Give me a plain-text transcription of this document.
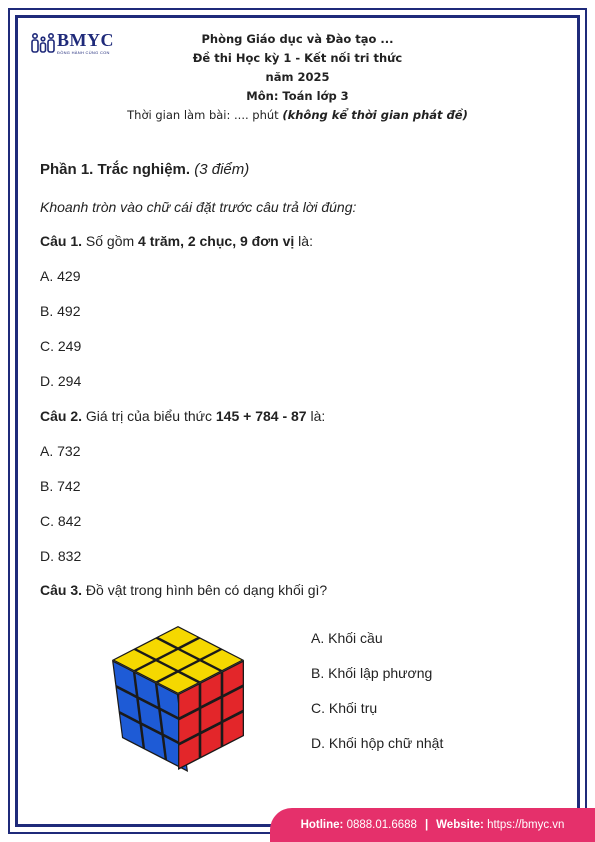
BMYC
ĐỒNG HÀNH CÙNG CON
Phòng Giáo dục và Đào tạo ...
Đề thi Học kỳ 1 - Kết nối tri thức
năm 2025
Môn: Toán lớp 3
Thời gian làm bài: .... phút (không kể thời gian phát đề)
Phần 1. Trắc nghiệm. (3 điểm)
Khoanh tròn vào chữ cái đặt trước câu trả lời đúng:
Câu 1. Số gồm 4 trăm, 2 chục, 9 đơn vị là:
A. 429
B. 492
C. 249
D. 294
Câu 2. Giá trị của biểu thức 145 + 784 - 87 là:
A. 732
B. 742
C. 842
D. 832
Câu 3. Đồ vật trong hình bên có dạng khối gì?
A. Khối cầu
B. Khối lập phương
C. Khối trụ
D. Khối hộp chữ nhật
Hotline:
0888.01.6688 | Website:
https://bmyc.vn
